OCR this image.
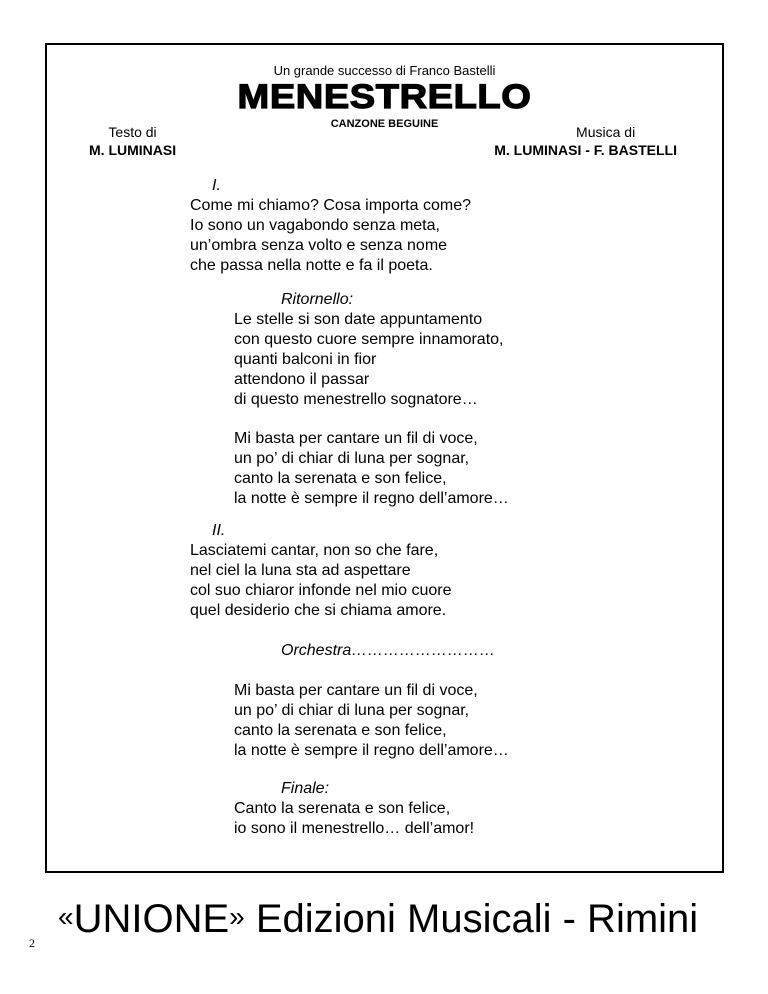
Un grande successo di Franco Bastelli
MENESTRELLO
CANZONE BEGUINE
Testo di
M. LUMINASI
Musica di
M. LUMINASI - F. BASTELLI
I.
Come mi chiamo? Cosa importa come?
Io sono un vagabondo senza meta,
un’ombra senza volto e senza nome
che passa nella notte e fa il poeta.
Ritornello:
Le stelle si son date appuntamento
con questo cuore sempre innamorato,
quanti balconi in fior
attendono il passar
di questo menestrello sognatore…
Mi basta per cantare un fil di voce,
un po’ di chiar di luna per sognar,
canto la serenata e son felice,
la notte è sempre il regno dell’amore…
II.
Lasciatemi cantar, non so che fare,
nel ciel la luna sta ad aspettare
col suo chiaror infonde nel mio cuore
quel desiderio che si chiama amore.
Orchestra………………………
Mi basta per cantare un fil di voce,
un po’ di chiar di luna per sognar,
canto la serenata e son felice,
la notte è sempre il regno dell’amore…
Finale:
Canto la serenata e son felice,
io sono il menestrello… dell’amor!
«UNIONE» Edizioni Musicali - Rimini
2
